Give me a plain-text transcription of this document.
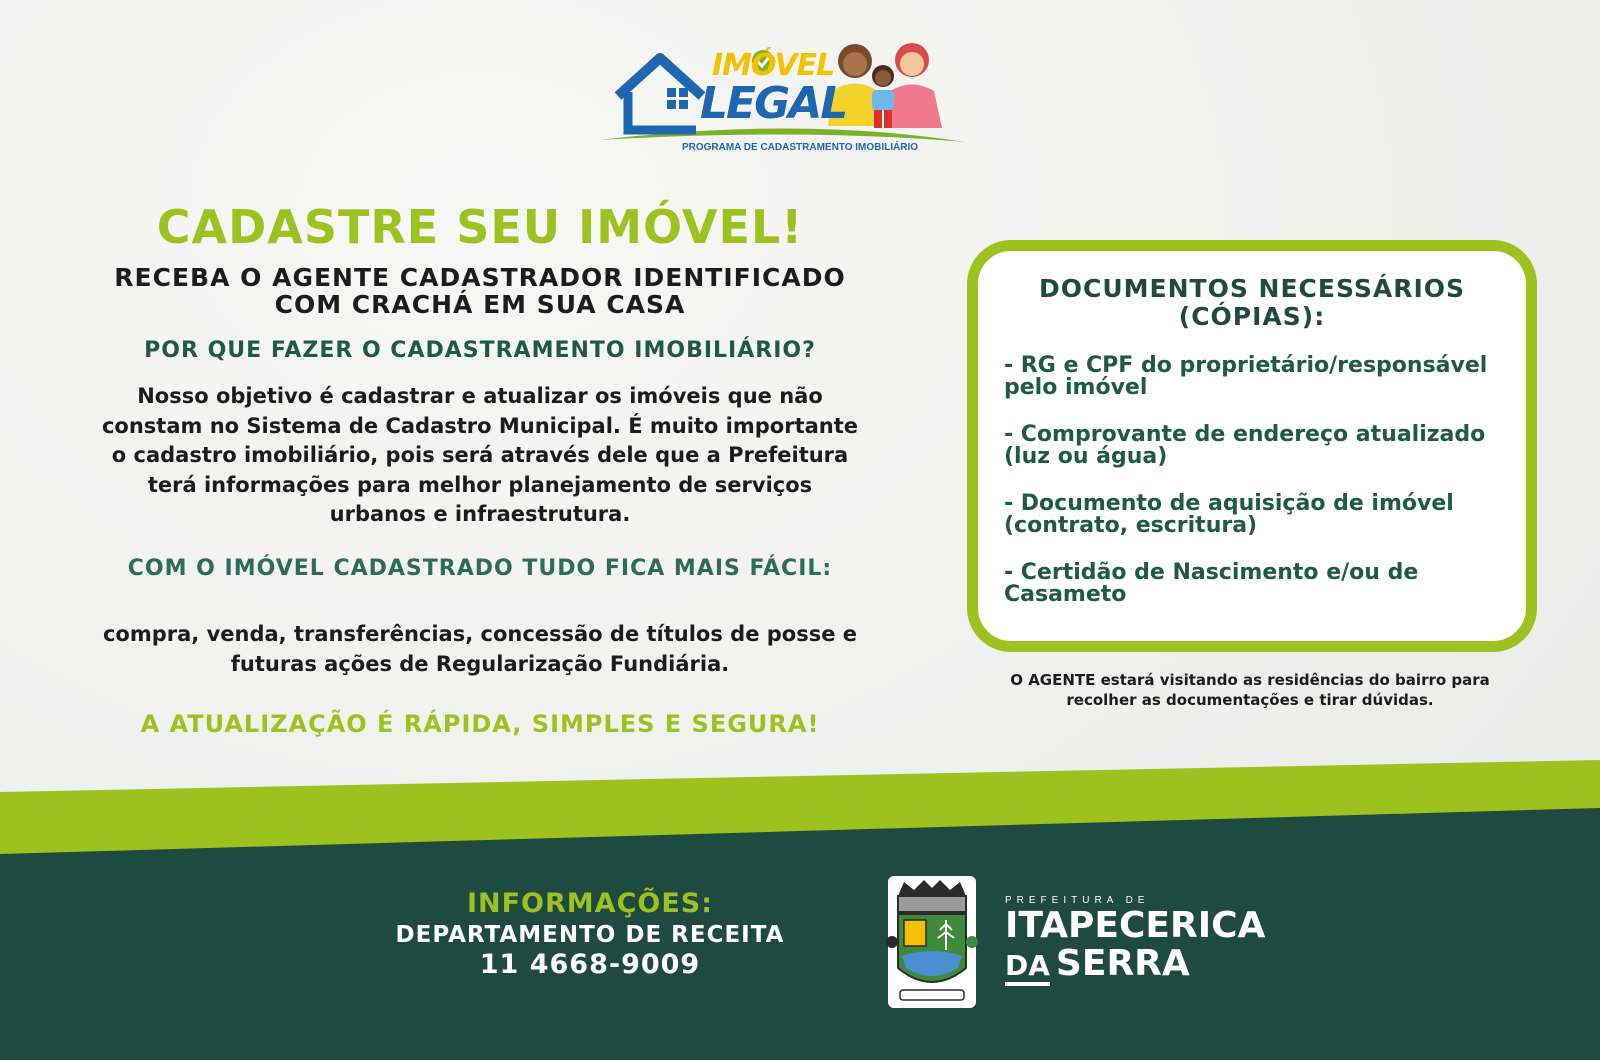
IMÓVEL
LEGAL
PROGRAMA DE CADASTRAMENTO IMOBILIÁRIO
CADASTRE SEU IMÓVEL!
RECEBA O AGENTE CADASTRADOR IDENTIFICADO
COM CRACHÁ EM SUA CASA
POR QUE FAZER O CADASTRAMENTO IMOBILIÁRIO?
Nosso objetivo é cadastrar e atualizar os imóveis que não
constam no Sistema de Cadastro Municipal. É muito importante
o cadastro imobiliário, pois será através dele que a Prefeitura
terá informações para melhor planejamento de serviços
urbanos e infraestrutura.
COM O IMÓVEL CADASTRADO TUDO FICA MAIS FÁCIL:
compra, venda, transferências, concessão de títulos de posse e
futuras ações de Regularização Fundiária.
A ATUALIZAÇÃO É RÁPIDA, SIMPLES E SEGURA!
DOCUMENTOS NECESSÁRIOS
(CÓPIAS):
- RG e CPF do proprietário/responsável pelo imóvel
- Comprovante de endereço atualizado (luz ou água)
- Documento de aquisição de imóvel (contrato, escritura)
- Certidão de Nascimento e/ou de Casameto
O AGENTE estará visitando as residências do bairro para
recolher as documentações e tirar dúvidas.
INFORMAÇÕES:
DEPARTAMENTO DE RECEITA
11 4668-9009
PREFEITURA DE
ITAPECERICA
DA SERRA
